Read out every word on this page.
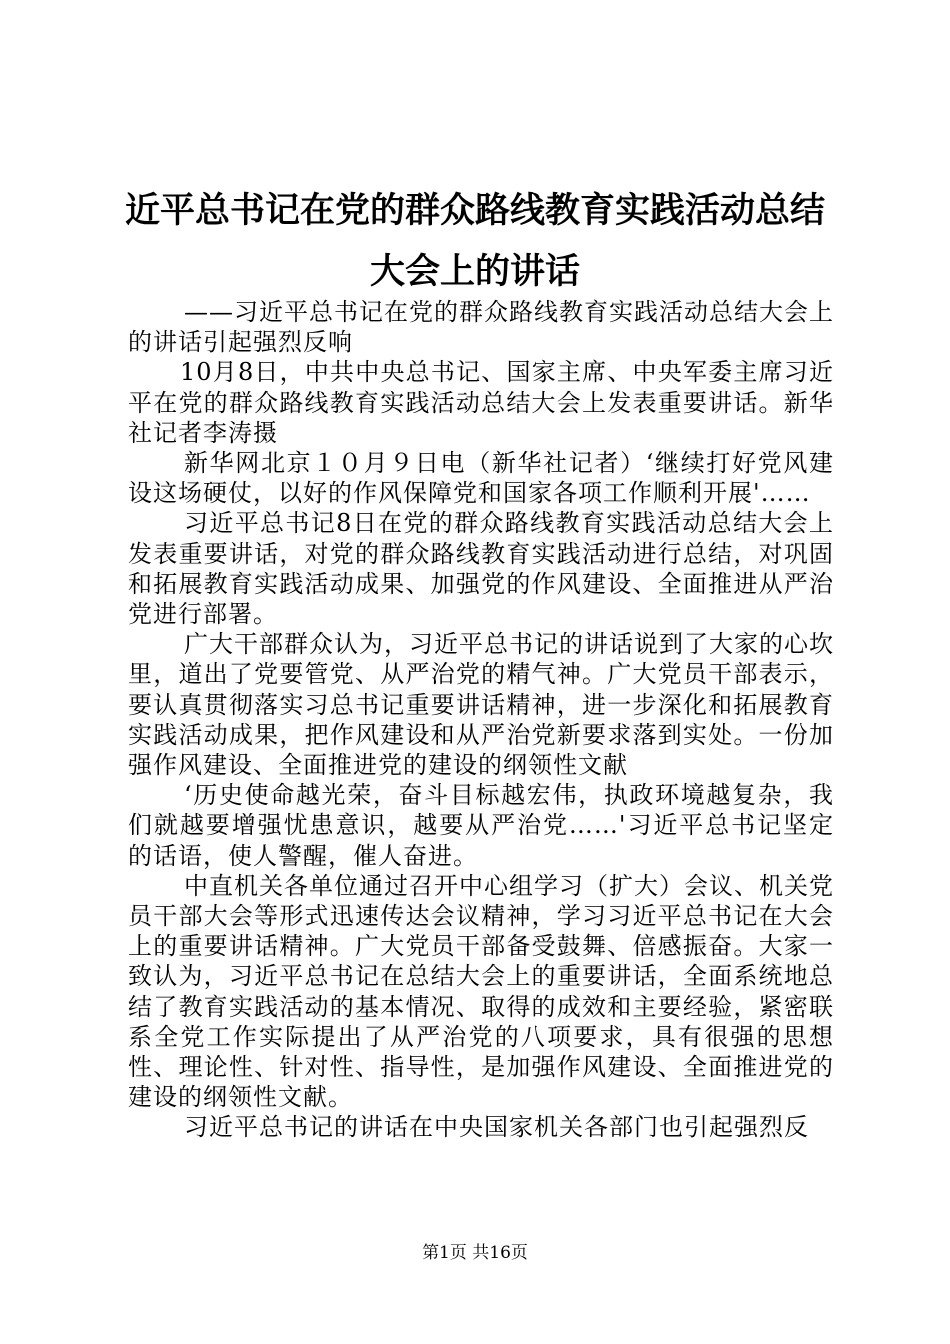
近平总书记在党的群众路线教育实践活动总结
大会上的讲话

——习近平总书记在党的群众路线教育实践活动总结大会上的讲话引起强烈反响

10月8日，中共中央总书记、国家主席、中央军委主席习近平在党的群众路线教育实践活动总结大会上发表重要讲话。新华社记者李涛摄

新华网北京１０月９日电（新华社记者）‘继续打好党风建设这场硬仗，以好的作风保障党和国家各项工作顺利开展'……

习近平总书记8日在党的群众路线教育实践活动总结大会上发表重要讲话，对党的群众路线教育实践活动进行总结，对巩固和拓展教育实践活动成果、加强党的作风建设、全面推进从严治党进行部署。

广大干部群众认为，习近平总书记的讲话说到了大家的心坎里，道出了党要管党、从严治党的精气神。广大党员干部表示，要认真贯彻落实习总书记重要讲话精神，进一步深化和拓展教育实践活动成果，把作风建设和从严治党新要求落到实处。一份加强作风建设、全面推进党的建设的纲领性文献

‘历史使命越光荣，奋斗目标越宏伟，执政环境越复杂，我们就越要增强忧患意识，越要从严治党……'习近平总书记坚定的话语，使人警醒，催人奋进。

中直机关各单位通过召开中心组学习（扩大）会议、机关党员干部大会等形式迅速传达会议精神，学习习近平总书记在大会上的重要讲话精神。广大党员干部备受鼓舞、倍感振奋。大家一致认为，习近平总书记在总结大会上的重要讲话，全面系统地总结了教育实践活动的基本情况、取得的成效和主要经验，紧密联系全党工作实际提出了从严治党的八项要求，具有很强的思想性、理论性、针对性、指导性，是加强作风建设、全面推进党的建设的纲领性文献。

习近平总书记的讲话在中央国家机关各部门也引起强烈反

第1页 共16页
